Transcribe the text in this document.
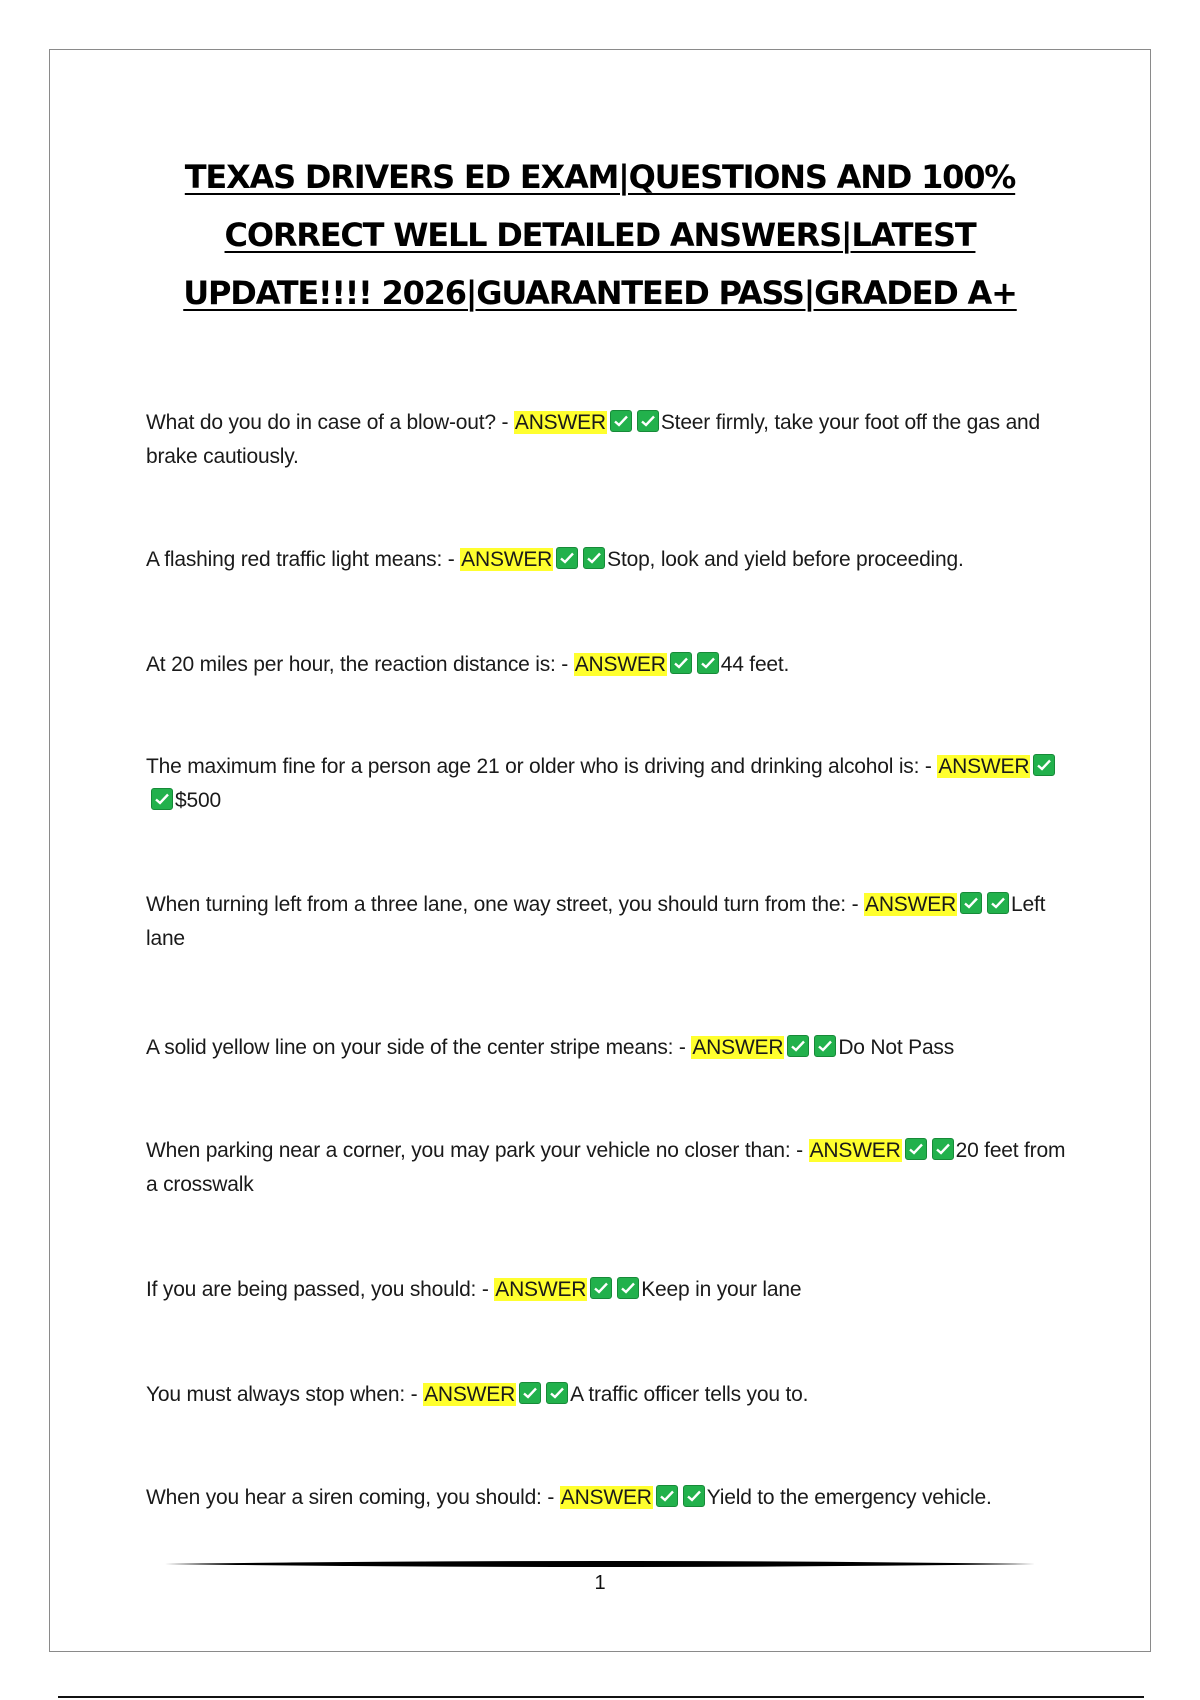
TEXAS DRIVERS ED EXAM|QUESTIONS AND 100% CORRECT WELL DETAILED ANSWERS|LATEST UPDATE!!!! 2026|GUARANTEED PASS|GRADED A+

What do you do in case of a blow-out? - ANSWER	Steer firmly, take your foot off the gas and brake cautiously.

A flashing red traffic light means: - ANSWER	Stop, look and yield before proceeding.

At 20 miles per hour, the reaction distance is: - ANSWER	44 feet.

The maximum fine for a person age 21 or older who is driving and drinking alcohol is: - ANSWER
$500

When turning left from a three lane, one way street, you should turn from the: - ANSWER	Left lane

A solid yellow line on your side of the center stripe means: - ANSWER	Do Not Pass

When parking near a corner, you may park your vehicle no closer than: - ANSWER	20 feet from a crosswalk

If you are being passed, you should: - ANSWER	Keep in your lane

You must always stop when: - ANSWER	A traffic officer tells you to.

When you hear a siren coming, you should: - ANSWER	Yield to the emergency vehicle.

1
